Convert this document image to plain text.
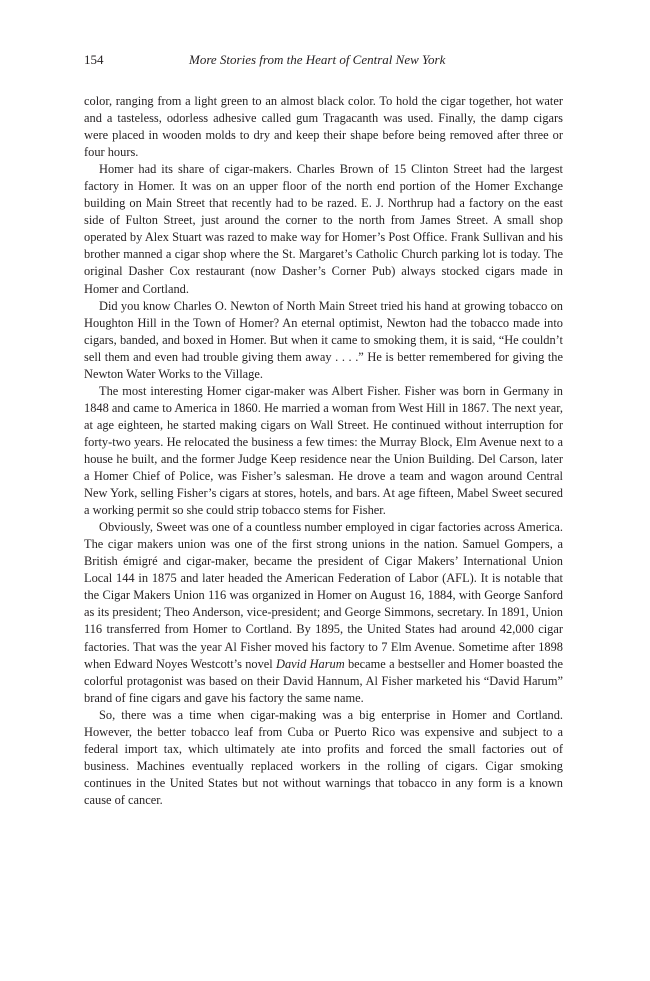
154	More Stories from the Heart of Central New York

color, ranging from a light green to an almost black color. To hold the cigar together, hot water and a tasteless, odorless adhesive called gum Tragacanth was used. Finally, the damp cigars were placed in wooden molds to dry and keep their shape before being removed after three or four hours.

Homer had its share of cigar-makers. Charles Brown of 15 Clinton Street had the largest factory in Homer. It was on an upper floor of the north end portion of the Homer Exchange building on Main Street that recently had to be razed. E. J. Northrup had a factory on the east side of Fulton Street, just around the corner to the north from James Street. A small shop operated by Alex Stuart was razed to make way for Homer’s Post Office. Frank Sullivan and his brother manned a cigar shop where the St. Margaret’s Catholic Church parking lot is today. The original Dasher Cox restaurant (now Dasher’s Corner Pub) always stocked cigars made in Homer and Cortland.

Did you know Charles O. Newton of North Main Street tried his hand at growing tobacco on Houghton Hill in the Town of Homer? An eternal optimist, Newton had the tobacco made into cigars, banded, and boxed in Homer. But when it came to smoking them, it is said, “He couldn’t sell them and even had trouble giving them away . . . .” He is better remembered for giving the Newton Water Works to the Village.

The most interesting Homer cigar-maker was Albert Fisher. Fisher was born in Germany in 1848 and came to America in 1860. He married a woman from West Hill in 1867. The next year, at age eighteen, he started making cigars on Wall Street. He continued without interruption for forty-two years. He relocated the business a few times: the Murray Block, Elm Avenue next to a house he built, and the former Judge Keep residence near the Union Building. Del Carson, later a Homer Chief of Police, was Fisher’s salesman. He drove a team and wagon around Central New York, selling Fisher’s cigars at stores, hotels, and bars. At age fifteen, Mabel Sweet secured a working permit so she could strip tobacco stems for Fisher.

Obviously, Sweet was one of a countless number employed in cigar factories across America. The cigar makers union was one of the first strong unions in the nation. Samuel Gompers, a British émigré and cigar-maker, became the president of Cigar Makers’ International Union Local 144 in 1875 and later headed the American Federation of Labor (AFL). It is notable that the Cigar Makers Union 116 was organized in Homer on August 16, 1884, with George Sanford as its president; Theo Anderson, vice-president; and George Simmons, secretary. In 1891, Union 116 transferred from Homer to Cortland. By 1895, the United States had around 42,000 cigar factories. That was the year Al Fisher moved his factory to 7 Elm Avenue. Sometime after 1898 when Edward Noyes Westcott’s novel David Harum became a bestseller and Homer boasted the colorful protagonist was based on their David Hannum, Al Fisher marketed his “David Harum” brand of fine cigars and gave his factory the same name.

So, there was a time when cigar-making was a big enterprise in Homer and Cortland. However, the better tobacco leaf from Cuba or Puerto Rico was expensive and subject to a federal import tax, which ultimately ate into profits and forced the small factories out of business. Machines eventually replaced workers in the rolling of cigars. Cigar smoking continues in the United States but not without warnings that tobacco in any form is a known cause of cancer.
